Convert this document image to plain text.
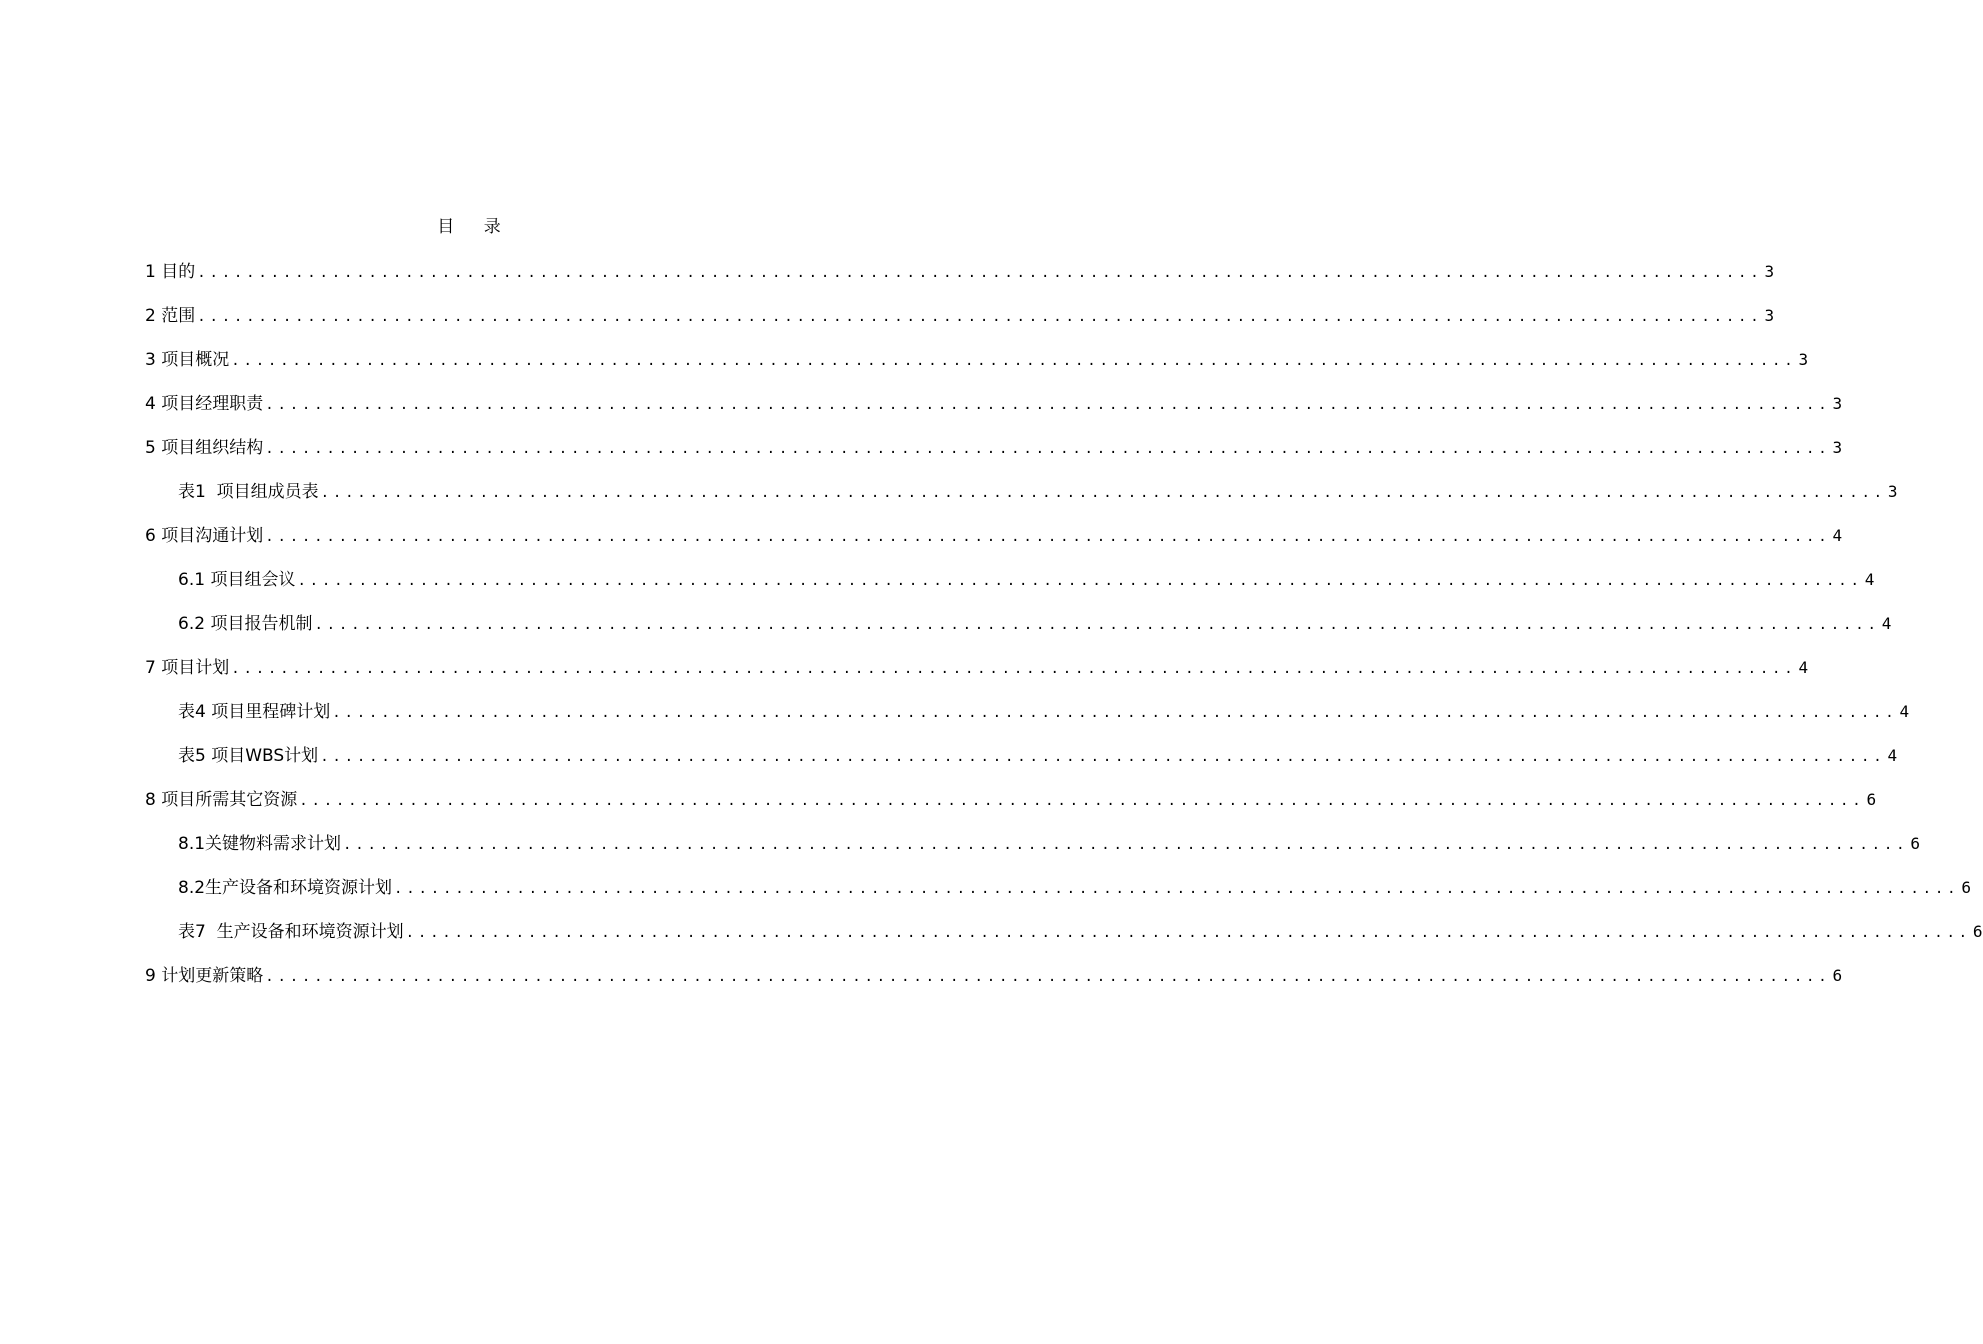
目 录
1 目的 ................................................................................................................................ 3
2 范围 ................................................................................................................................ 3
3 项目概况 ................................................................................................................................ 3
4 项目经理职责 ................................................................................................................................ 3
5 项目组织结构 ................................................................................................................................ 3
表1  项目组成员表 ................................................................................................................................ 3
6 项目沟通计划 ................................................................................................................................ 4
6.1 项目组会议 ................................................................................................................................ 4
6.2 项目报告机制 ................................................................................................................................ 4
7 项目计划 ................................................................................................................................ 4
表4 项目里程碑计划 ................................................................................................................................ 4
表5 项目WBS计划 ................................................................................................................................ 4
8 项目所需其它资源 ................................................................................................................................ 6
8.1关键物料需求计划 ................................................................................................................................ 6
8.2生产设备和环境资源计划 ................................................................................................................................ 6
表7  生产设备和环境资源计划 ................................................................................................................................ 6
9 计划更新策略 ................................................................................................................................ 6
